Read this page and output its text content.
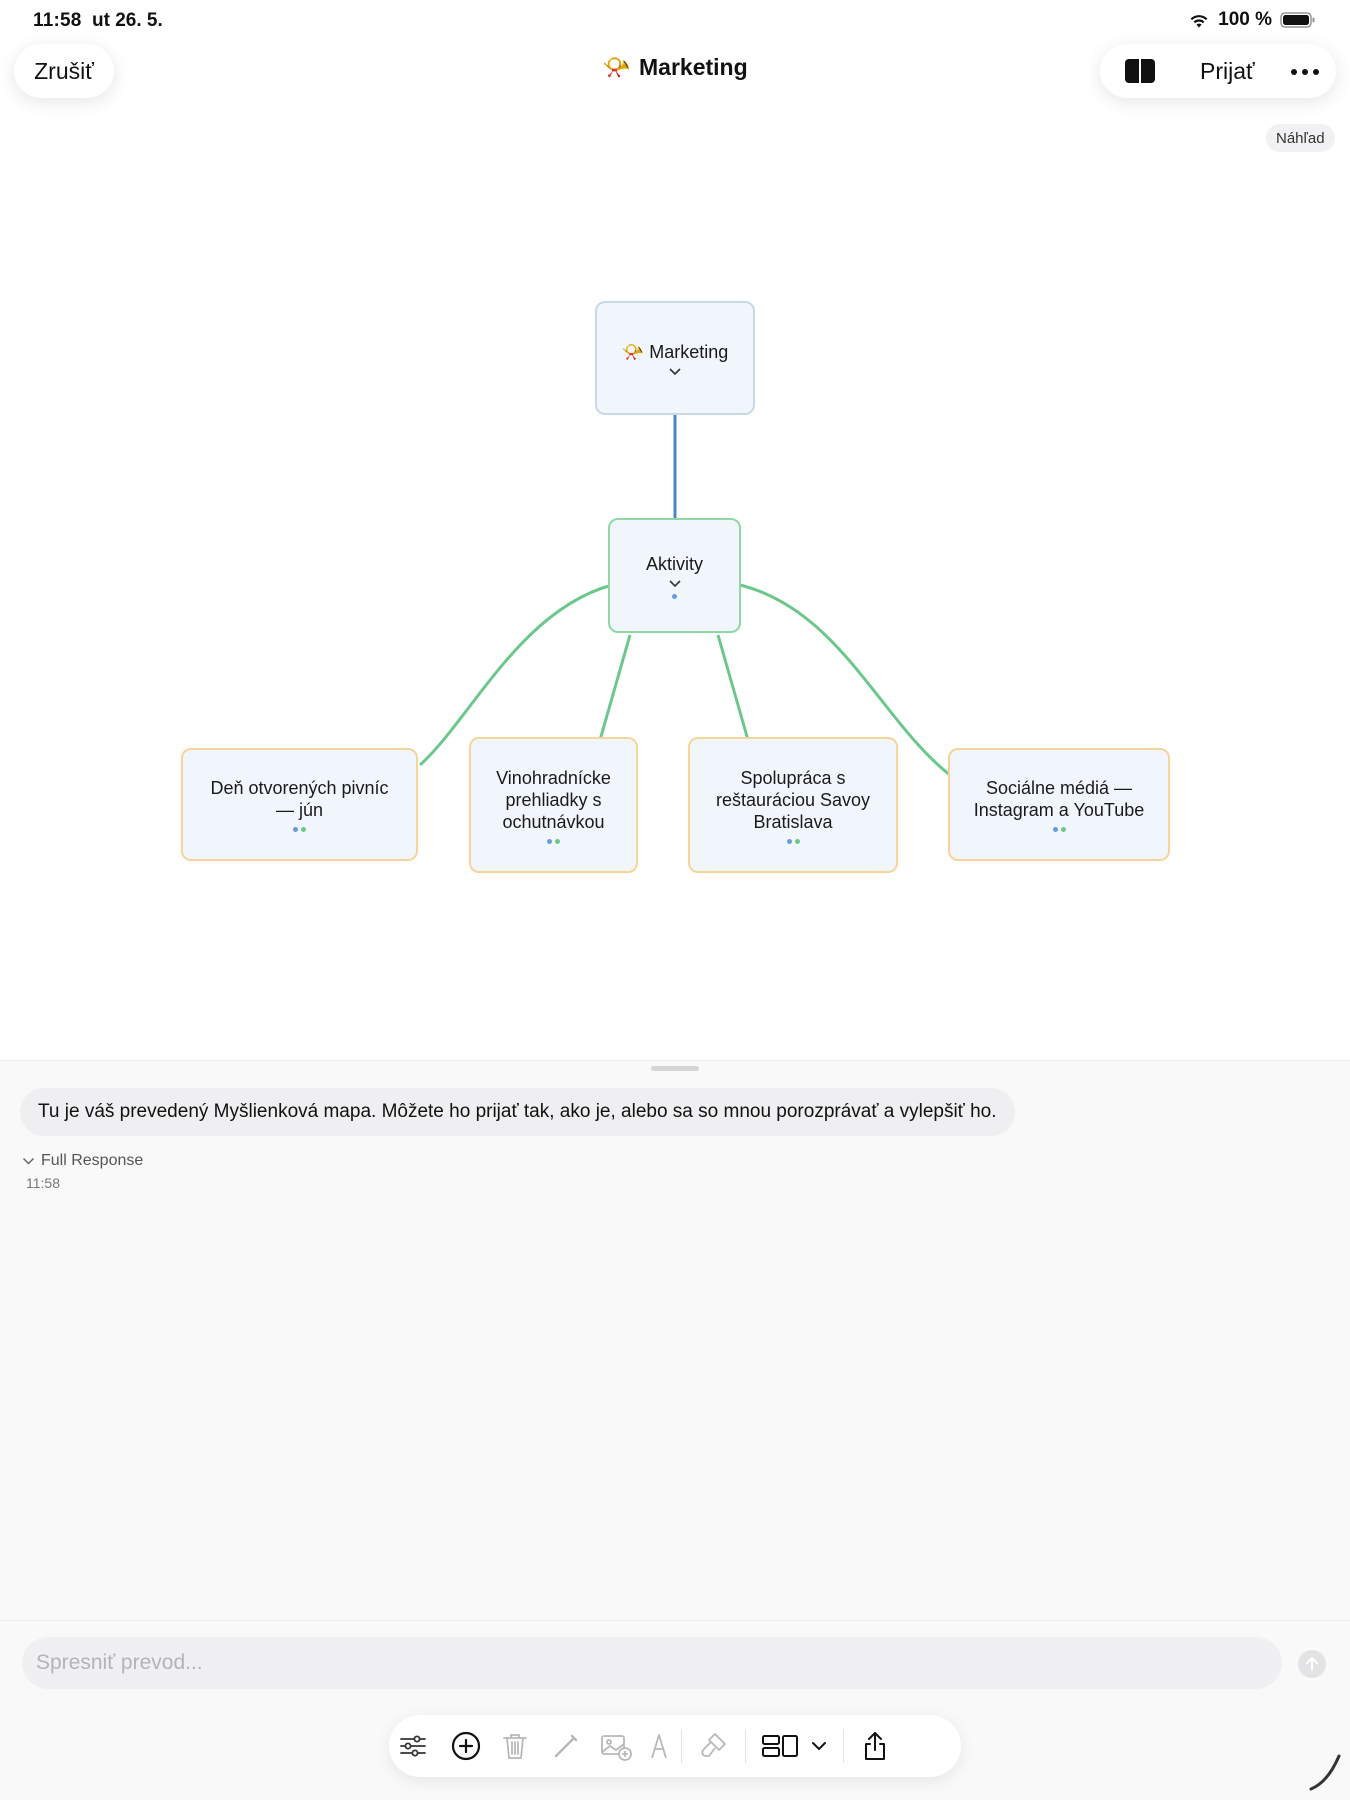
11:58 ut 26. 5.	100 %
Zrušiť	📯 Marketing	Prijať
Náhľad
📯 Marketing
Aktivity
Deň otvorených pivníc — jún
Vinohradnícke prehliadky s ochutnávkou
Spolupráca s reštauráciou Savoy Bratislava
Sociálne médiá — Instagram a YouTube
Tu je váš prevedený Myšlienková mapa. Môžete ho prijať tak, ako je, alebo sa so mnou porozprávať a vylepšiť ho.
Full Response
11:58
Spresniť prevod...
